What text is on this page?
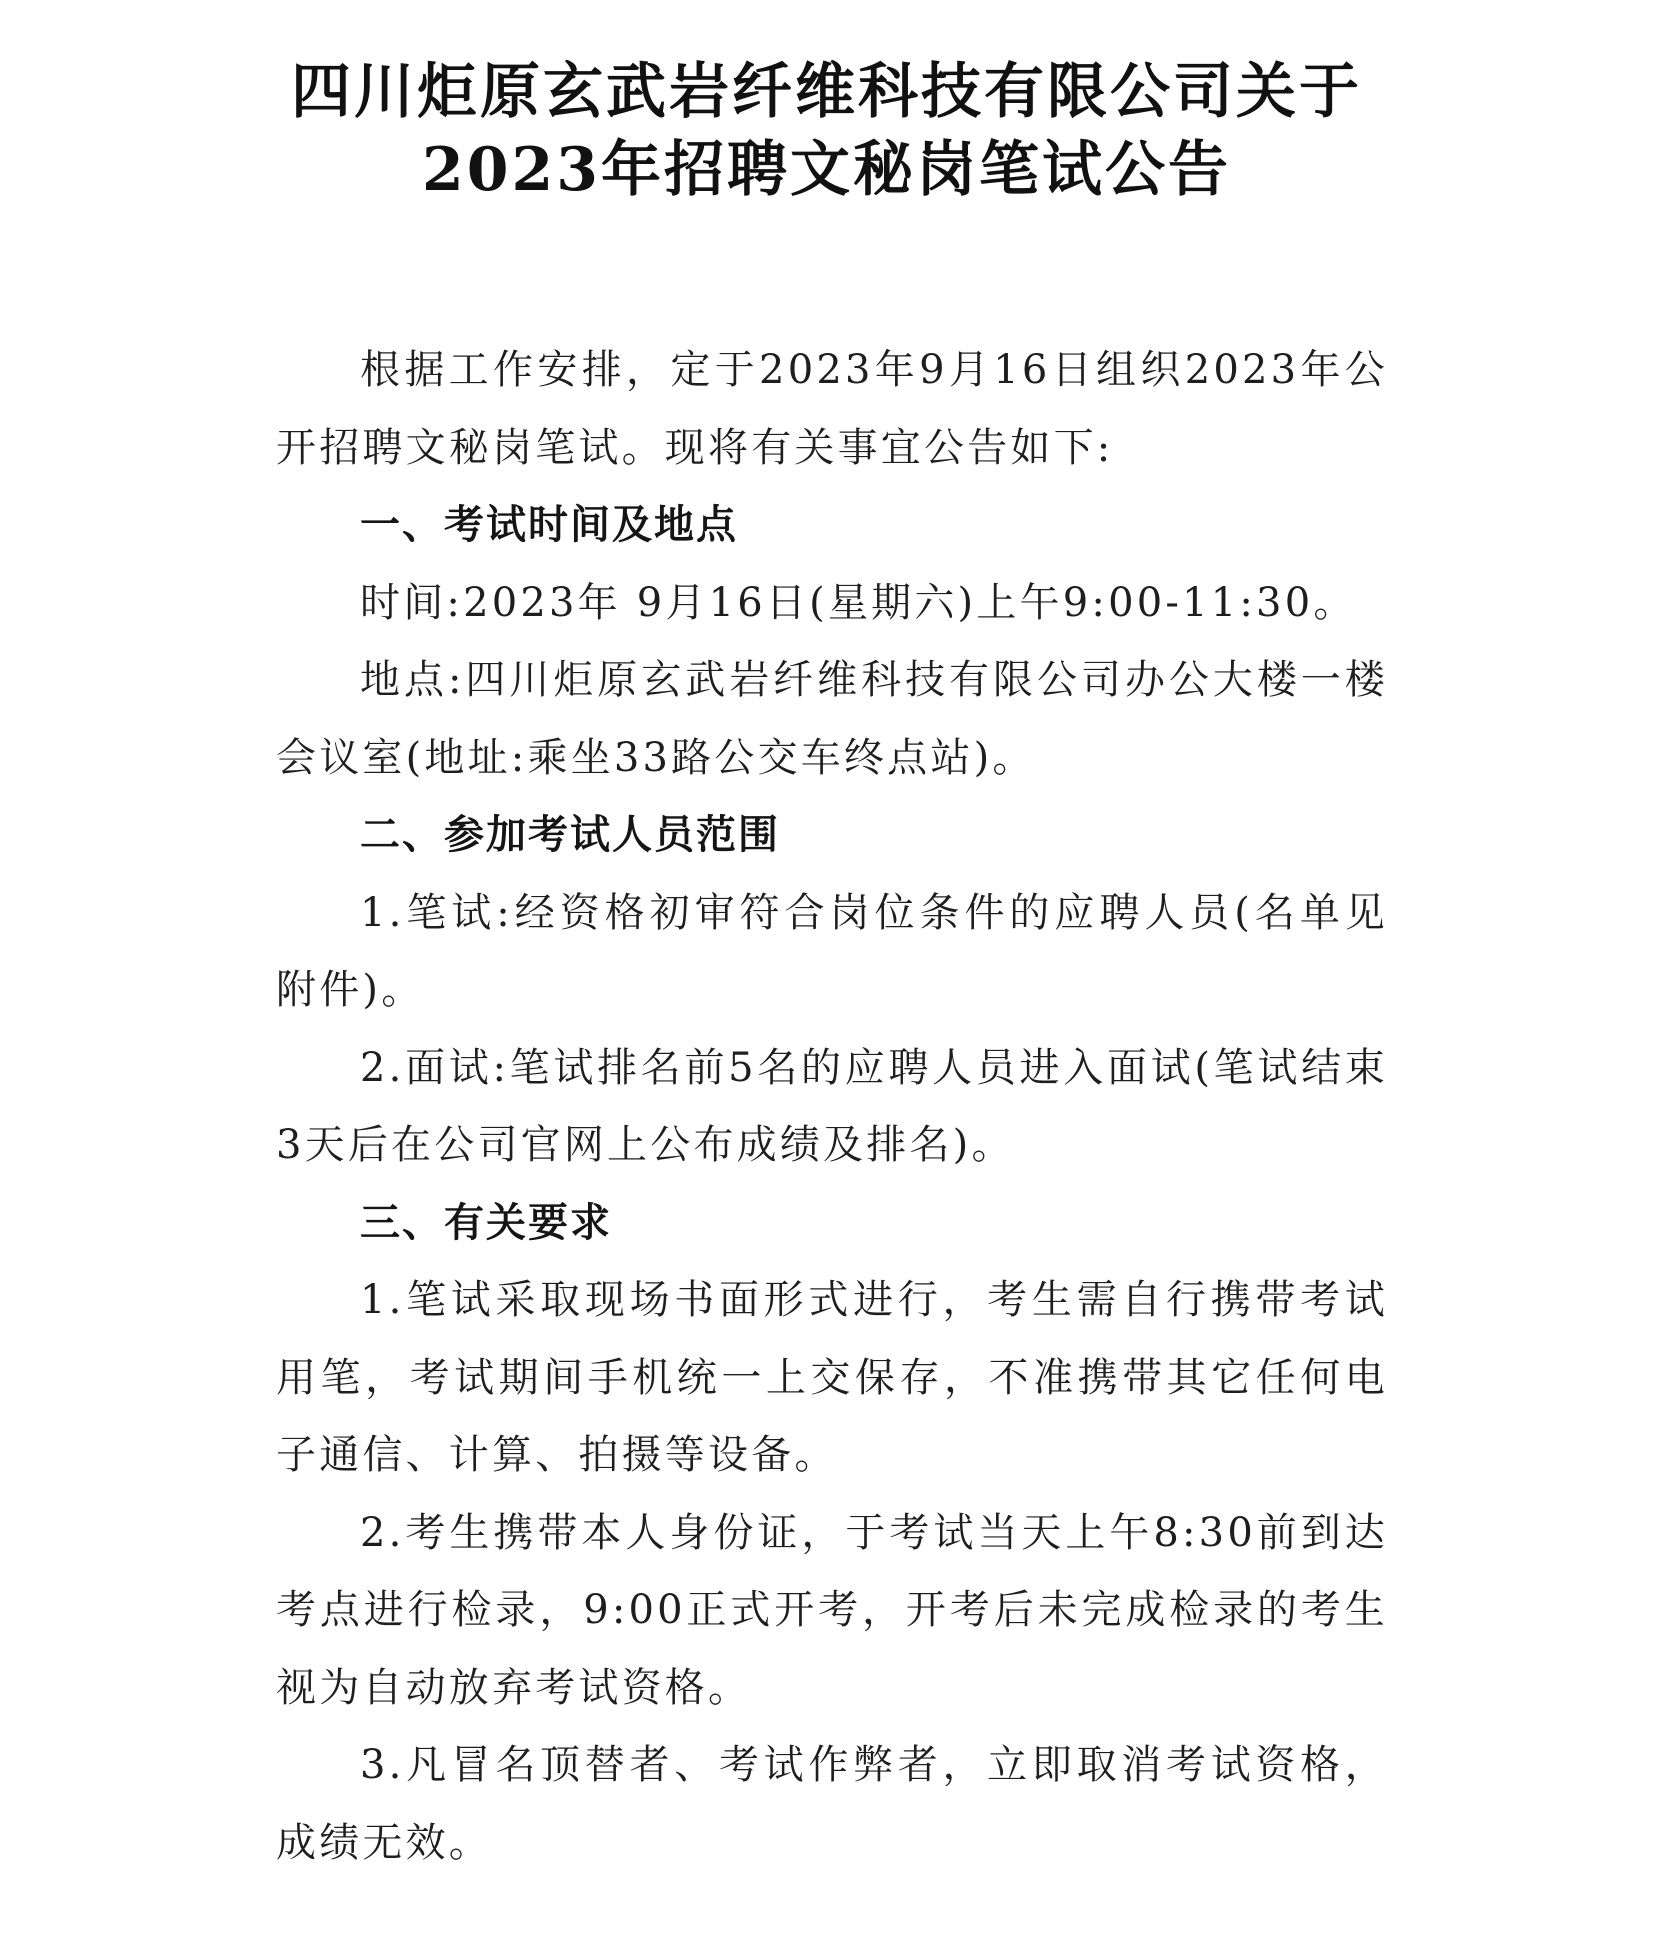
四川炬原玄武岩纤维科技有限公司关于
2023年招聘文秘岗笔试公告

根据工作安排，定于2023年9月16日组织2023年公开招聘文秘岗笔试。现将有关事宜公告如下:

一、考试时间及地点

时间:2023年 9月16日(星期六)上午9:00-11:30。

地点:四川炬原玄武岩纤维科技有限公司办公大楼一楼会议室(地址:乘坐33路公交车终点站)。

二、参加考试人员范围

1.笔试:经资格初审符合岗位条件的应聘人员(名单见附件)。

2.面试:笔试排名前5名的应聘人员进入面试(笔试结束3天后在公司官网上公布成绩及排名)。

三、有关要求

1.笔试采取现场书面形式进行，考生需自行携带考试用笔，考试期间手机统一上交保存，不准携带其它任何电子通信、计算、拍摄等设备。

2.考生携带本人身份证，于考试当天上午8:30前到达考点进行检录，9:00正式开考，开考后未完成检录的考生视为自动放弃考试资格。

3.凡冒名顶替者、考试作弊者，立即取消考试资格，成绩无效。
